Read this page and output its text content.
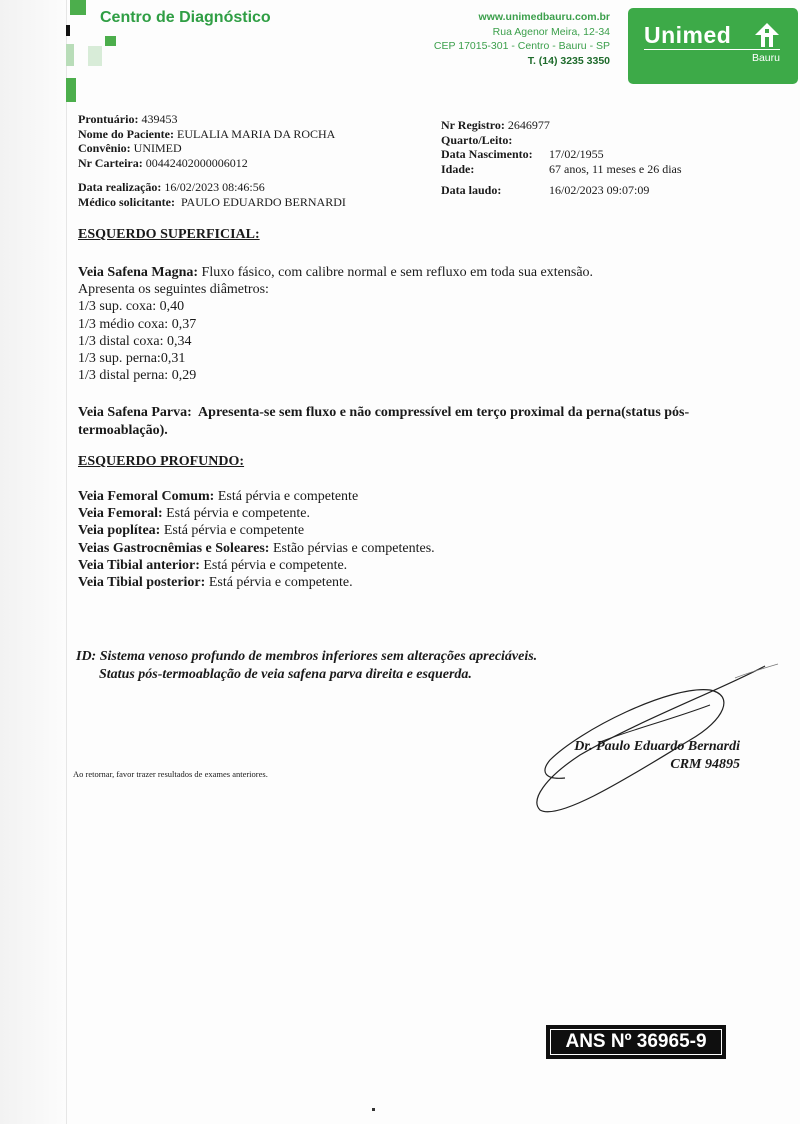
Centro de Diagnóstico	www.unimedbauru.com.br
Rua Agenor Meira, 12-34
CEP 17015-301 - Centro - Bauru - SP
T. (14) 3235 3350
Unimed
Bauru
Prontuário: 439453
Nome do Paciente: EULALIA MARIA DA ROCHA
Convênio: UNIMED
Nr Carteira: 00442402000006012
Data realização: 16/02/2023 08:46:56
Médico solicitante: PAULO EDUARDO BERNARDI
Nr Registro: 2646977
Quarto/Leito:
Data Nascimento: 17/02/1955
Idade:	67 anos, 11 meses e 26 dias
Data laudo:	16/02/2023 09:07:09
ESQUERDO SUPERFICIAL:
Veia Safena Magna: Fluxo fásico, com calibre normal e sem refluxo em toda sua extensão.
Apresenta os seguintes diâmetros:
1/3 sup. coxa: 0,40
1/3 médio coxa: 0,37
1/3 distal coxa: 0,34
1/3 sup. perna:0,31
1/3 distal perna: 0,29
Veia Safena Parva: Apresenta-se sem fluxo e não compressível em terço proximal da perna(status pós-termoablação).
ESQUERDO PROFUNDO:
Veia Femoral Comum: Está pérvia e competente
Veia Femoral: Está pérvia e competente.
Veia poplítea: Está pérvia e competente
Veias Gastrocnêmias e Soleares: Estão pérvias e competentes.
Veia Tibial anterior: Está pérvia e competente.
Veia Tibial posterior: Está pérvia e competente.
ID: Sistema venoso profundo de membros inferiores sem alterações apreciáveis.
Status pós-termoablação de veia safena parva direita e esquerda.
Ao retornar, favor trazer resultados de exames anteriores.
Dr. Paulo Eduardo Bernardi
CRM 94895
ANS Nº 36965-9
